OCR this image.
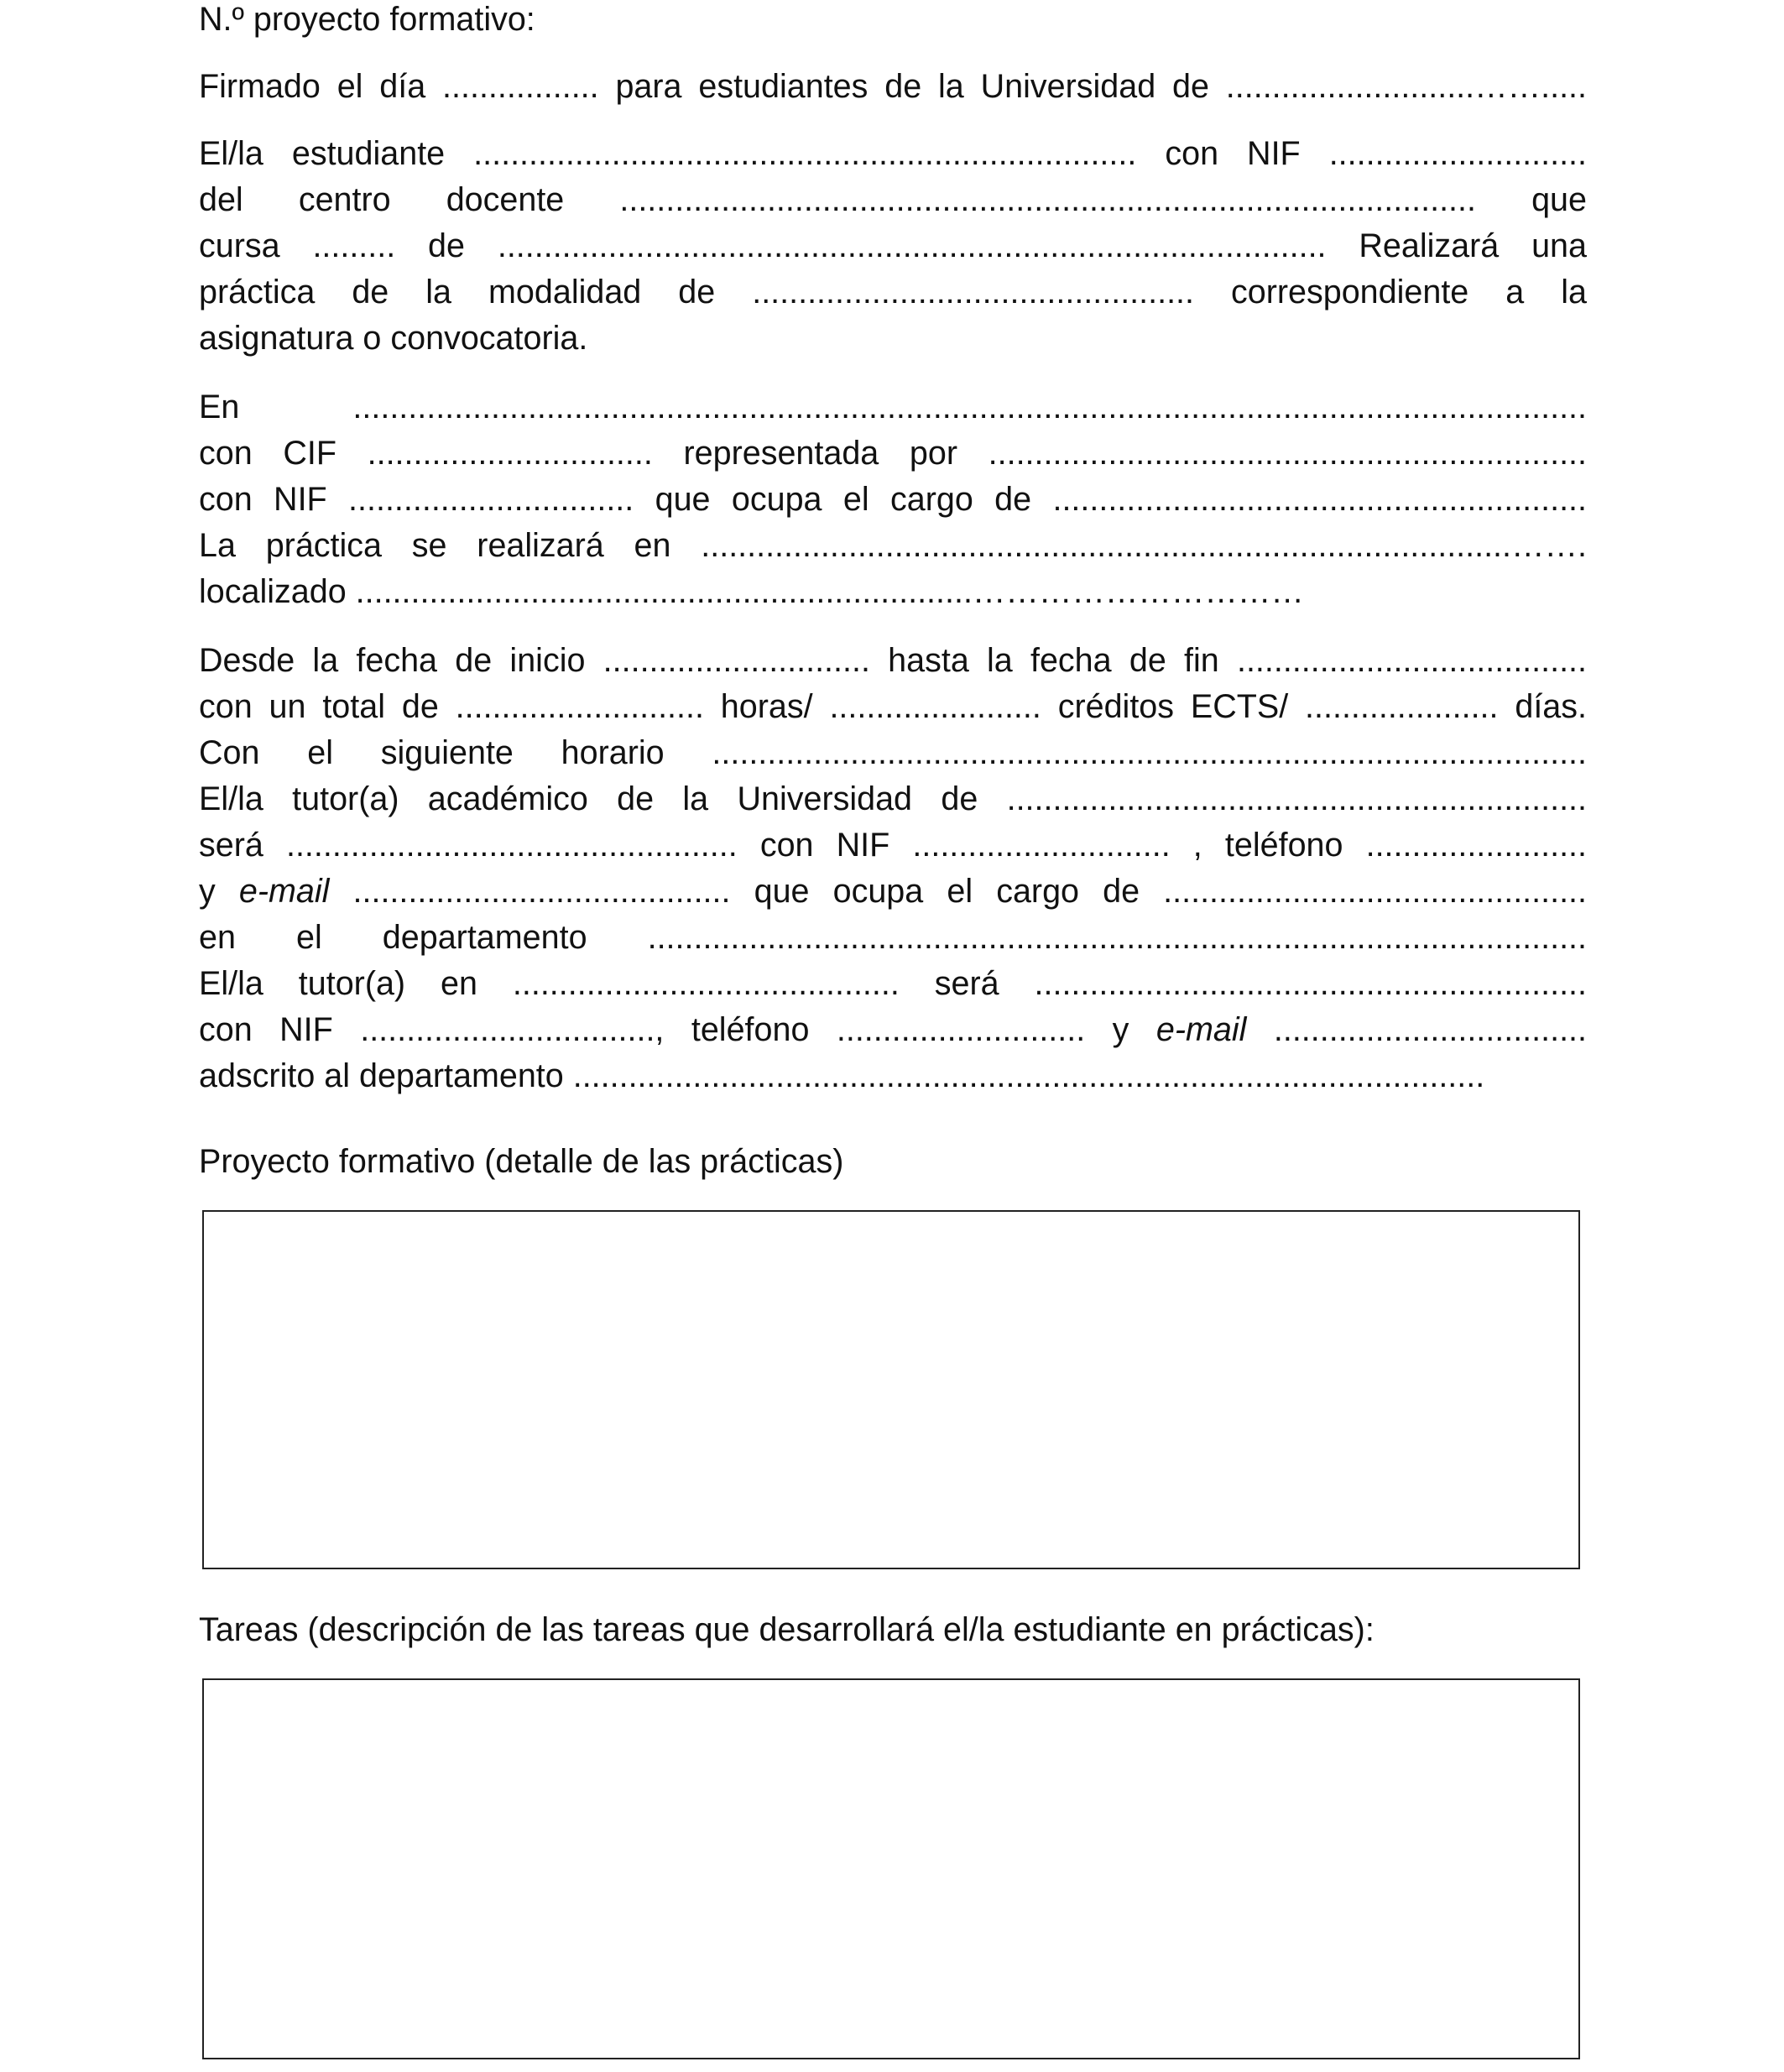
N.º proyecto formativo:
Firmado el día ................. para estudiantes de la Universidad de ...........................…….....
El/la estudiante ........................................................................ con NIF ............................
del centro docente ............................................................................................. que
cursa ......... de .......................................................................................... Realizará una
práctica de la modalidad de ................................................ correspondiente a la
asignatura o convocatoria.
En ......................................................................................................................................
con CIF ............................... representada por .................................................................
con NIF ............................... que ocupa el cargo de ..........................................................
La práctica se realizará en ........................................................................................…….
localizado ...................................................................…………………………
Desde la fecha de inicio ............................. hasta la fecha de fin ......................................
con un total de ........................... horas/ ....................... créditos ECTS/ ..................... días.
Con el siguiente horario ...............................................................................................
El/la tutor(a) académico de la Universidad de ...............................................................
será ................................................. con NIF ............................ , teléfono ........................
y e-mail ......................................... que ocupa el cargo de ..............................................
en el departamento ......................................................................................................
El/la tutor(a) en .......................................... será ............................................................
con NIF ................................, teléfono ........................... y e-mail ..................................
adscrito al departamento ...................................................................................................
Proyecto formativo (detalle de las prácticas)
Tareas (descripción de las tareas que desarrollará el/la estudiante en prácticas):
